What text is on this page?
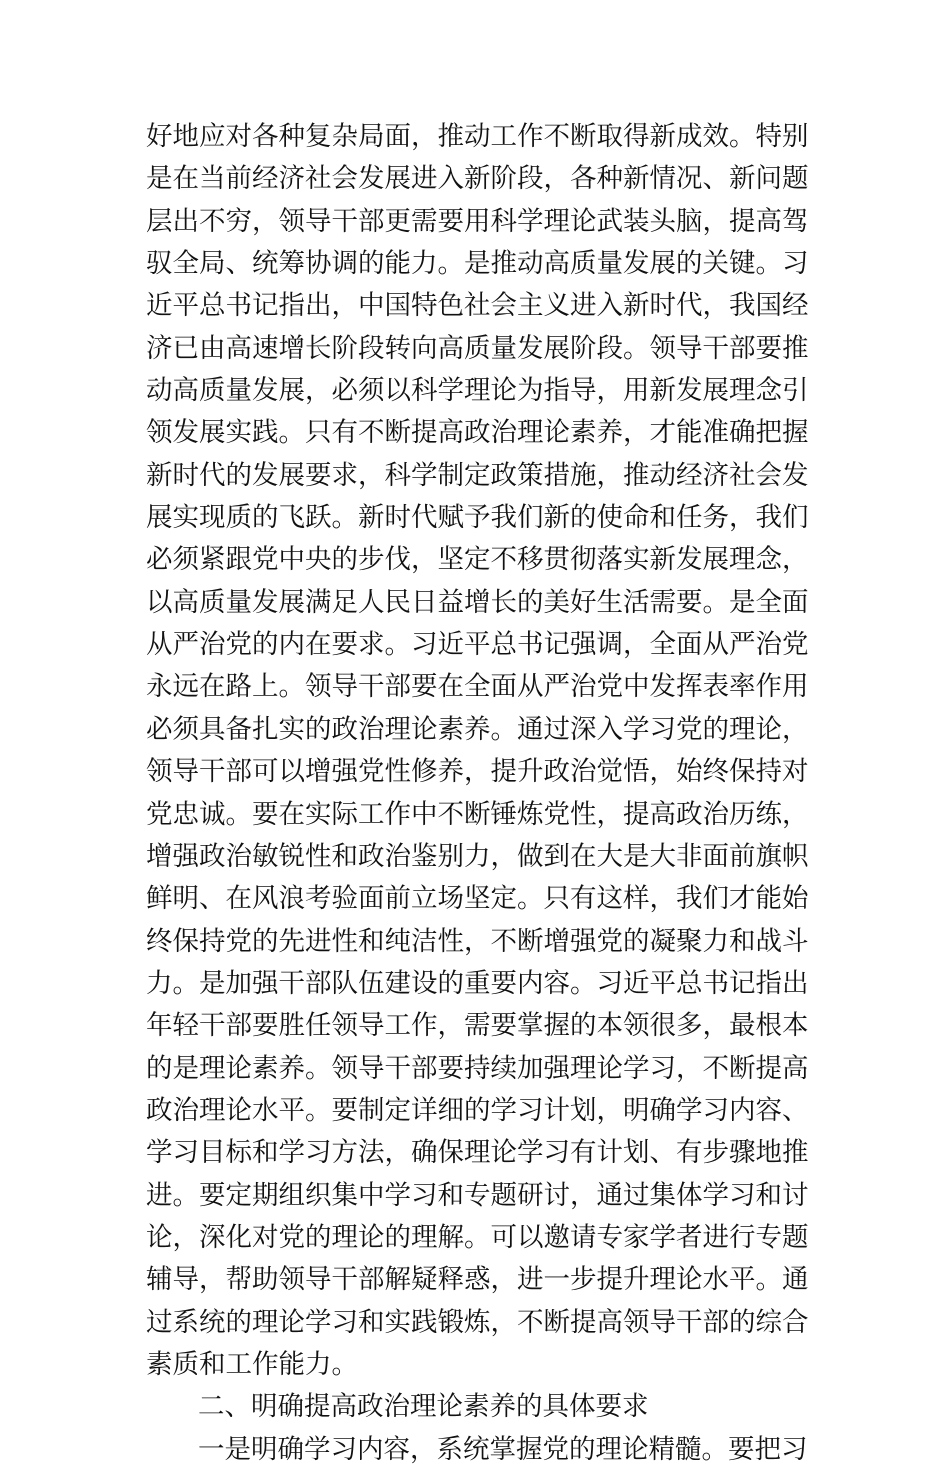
好地应对各种复杂局面，推动工作不断取得新成效。特别
是在当前经济社会发展进入新阶段，各种新情况、新问题
层出不穷，领导干部更需要用科学理论武装头脑，提高驾
驭全局、统筹协调的能力。是推动高质量发展的关键。习
近平总书记指出，中国特色社会主义进入新时代，我国经
济已由高速增长阶段转向高质量发展阶段。领导干部要推
动高质量发展，必须以科学理论为指导，用新发展理念引
领发展实践。只有不断提高政治理论素养，才能准确把握
新时代的发展要求，科学制定政策措施，推动经济社会发
展实现质的飞跃。新时代赋予我们新的使命和任务，我们
必须紧跟党中央的步伐，坚定不移贯彻落实新发展理念，
以高质量发展满足人民日益增长的美好生活需要。是全面
从严治党的内在要求。习近平总书记强调，全面从严治党
永远在路上。领导干部要在全面从严治党中发挥表率作用
必须具备扎实的政治理论素养。通过深入学习党的理论，
领导干部可以增强党性修养，提升政治觉悟，始终保持对
党忠诚。要在实际工作中不断锤炼党性，提高政治历练，
增强政治敏锐性和政治鉴别力，做到在大是大非面前旗帜
鲜明、在风浪考验面前立场坚定。只有这样，我们才能始
终保持党的先进性和纯洁性，不断增强党的凝聚力和战斗
力。是加强干部队伍建设的重要内容。习近平总书记指出
年轻干部要胜任领导工作，需要掌握的本领很多，最根本
的是理论素养。领导干部要持续加强理论学习，不断提高
政治理论水平。要制定详细的学习计划，明确学习内容、
学习目标和学习方法，确保理论学习有计划、有步骤地推
进。要定期组织集中学习和专题研讨，通过集体学习和讨
论，深化对党的理论的理解。可以邀请专家学者进行专题
辅导，帮助领导干部解疑释惑，进一步提升理论水平。通
过系统的理论学习和实践锻炼，不断提高领导干部的综合
素质和工作能力。
二、明确提高政治理论素养的具体要求
一是明确学习内容，系统掌握党的理论精髓。要把习
